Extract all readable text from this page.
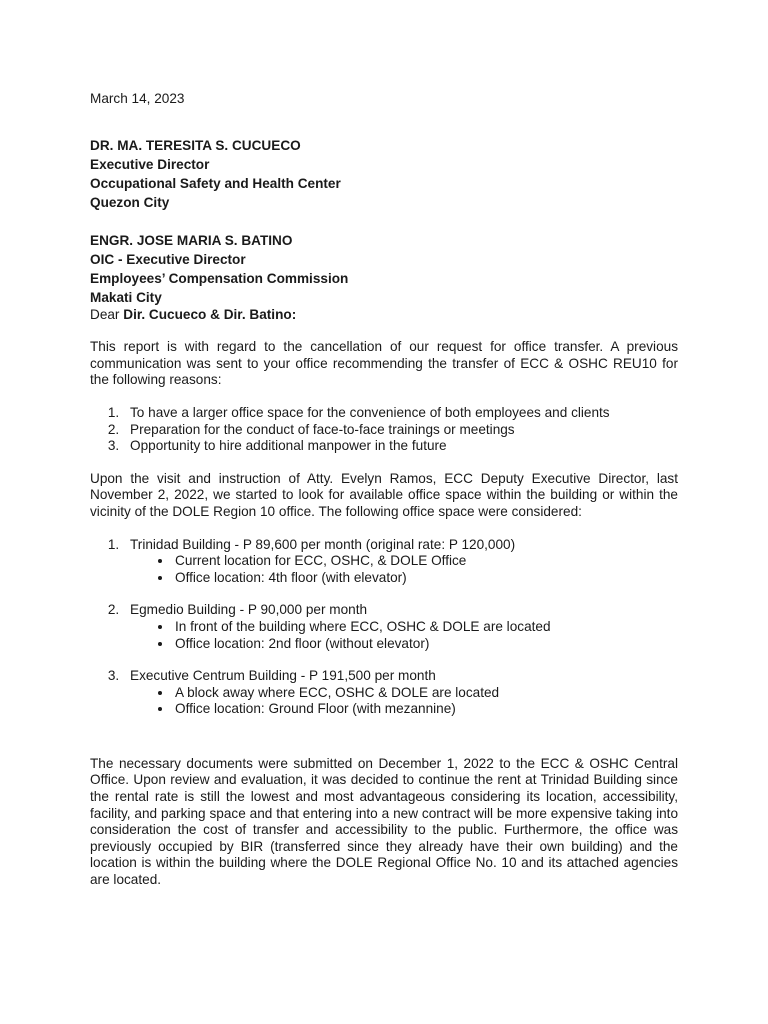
March 14, 2023

DR. MA. TERESITA S. CUCUECO
Executive Director
Occupational Safety and Health Center
Quezon City
ENGR. JOSE MARIA S. BATINO
OIC - Executive Director
Employees’ Compensation Commission
Makati City

Dear Dir. Cucueco & Dir. Batino:

This report is with regard to the cancellation of our request for office transfer. A previous communication was sent to your office recommending the transfer of ECC & OSHC REU10 for the following reasons:

1. To have a larger office space for the convenience of both employees and clients
2. Preparation for the conduct of face-to-face trainings or meetings
3. Opportunity to hire additional manpower in the future

Upon the visit and instruction of Atty. Evelyn Ramos, ECC Deputy Executive Director, last November 2, 2022, we started to look for available office space within the building or within the vicinity of the DOLE Region 10 office. The following office space were considered:

1. Trinidad Building - P 89,600 per month (original rate: P 120,000)
• Current location for ECC, OSHC, & DOLE Office
• Office location: 4th floor (with elevator)
2. Egmedio Building - P 90,000 per month
• In front of the building where ECC, OSHC & DOLE are located
• Office location: 2nd floor (without elevator)
3. Executive Centrum Building - P 191,500 per month
• A block away where ECC, OSHC & DOLE are located
• Office location: Ground Floor (with mezannine)

The necessary documents were submitted on December 1, 2022 to the ECC & OSHC Central Office. Upon review and evaluation, it was decided to continue the rent at Trinidad Building since the rental rate is still the lowest and most advantageous considering its location, accessibility, facility, and parking space and that entering into a new contract will be more expensive taking into consideration the cost of transfer and accessibility to the public. Furthermore, the office was previously occupied by BIR (transferred since they already have their own building) and the location is within the building where the DOLE Regional Office No. 10 and its attached agencies are located.
